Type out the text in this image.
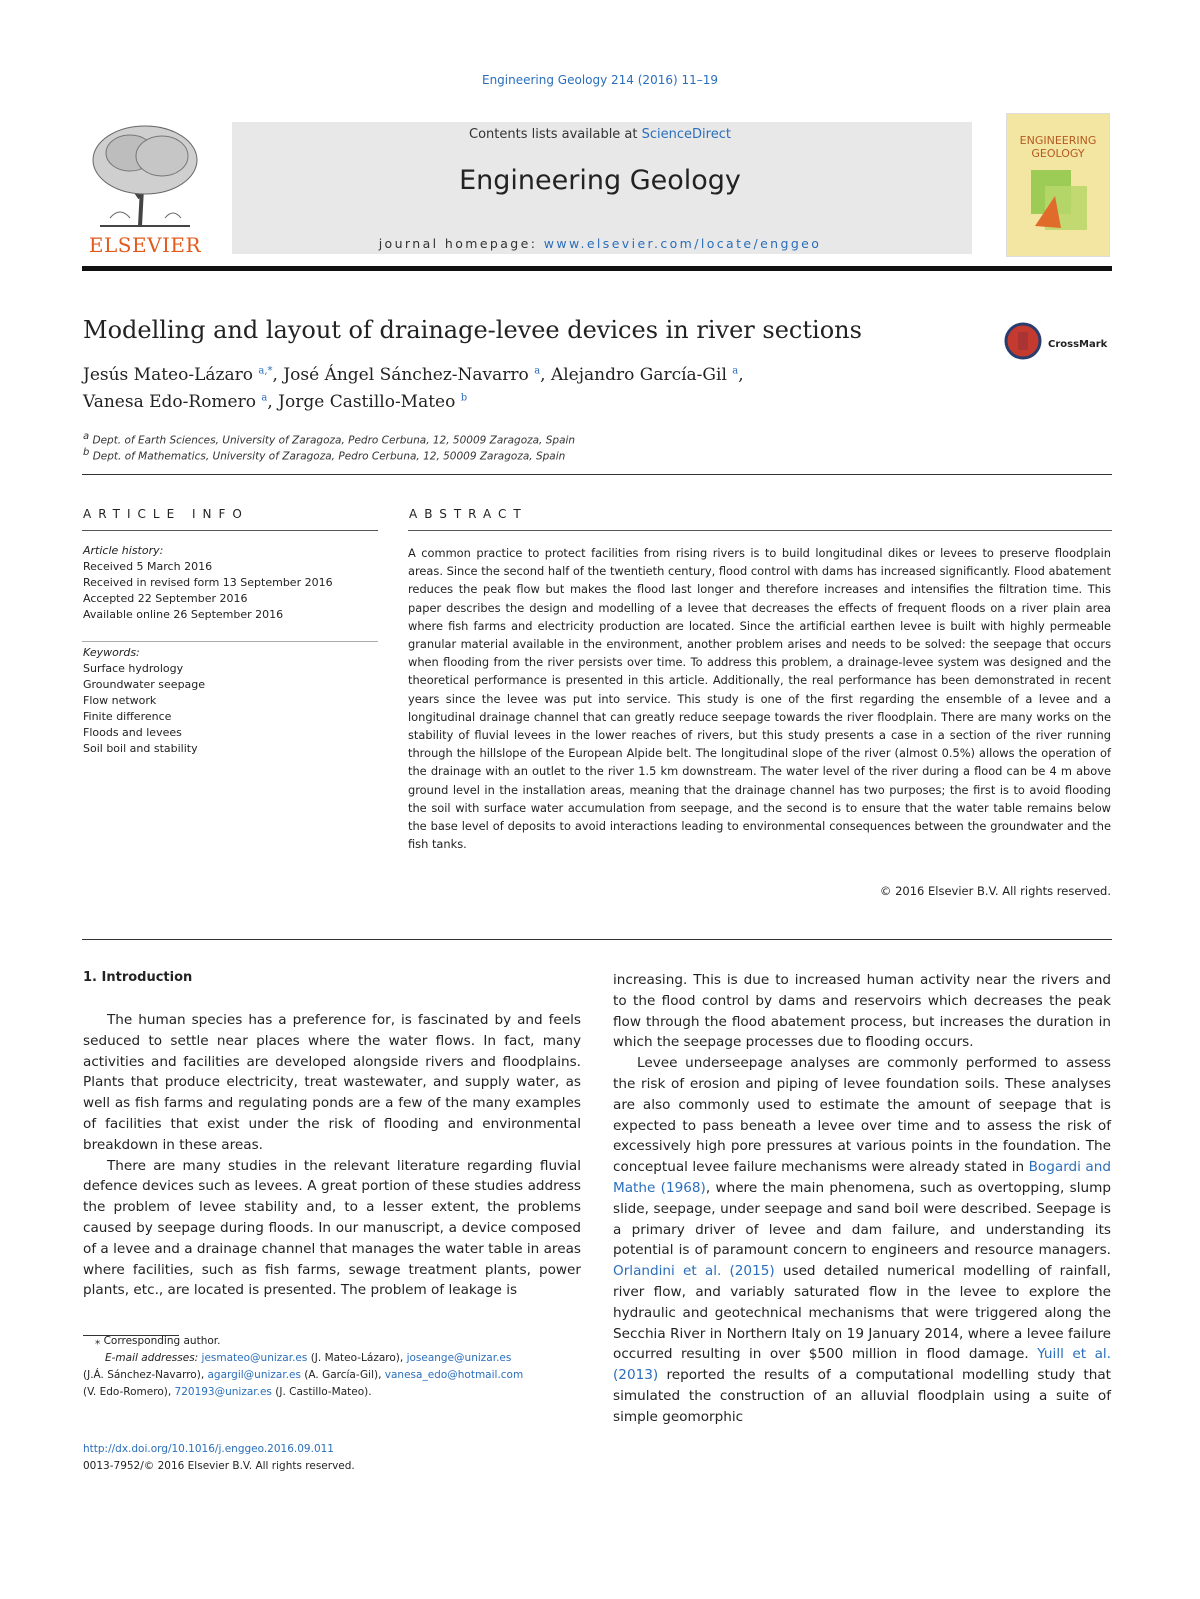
Engineering Geology 214 (2016) 11–19
ELSEVIER
Contents lists available at ScienceDirect
Engineering Geology
journal homepage: www.elsevier.com/locate/enggeo
ENGINEERING
GEOLOGY
Modelling and layout of drainage-levee devices in river sections
CrossMark
Jesús Mateo-Lázaro $^{a,*}$, José Ángel Sánchez-Navarro $^a$, Alejandro García-Gil $^a$,
Vanesa Edo-Romero $^a$, Jorge Castillo-Mateo $^b$
$^a$ Dept. of Earth Sciences, University of Zaragoza, Pedro Cerbuna, 12, 50009 Zaragoza, Spain
$^b$ Dept. of Mathematics, University of Zaragoza, Pedro Cerbuna, 12, 50009 Zaragoza, Spain
ARTICLE INFO
Article history:
Received 5 March 2016
Received in revised form 13 September 2016
Accepted 22 September 2016
Available online 26 September 2016
Keywords:
Surface hydrology
Groundwater seepage
Flow network
Finite difference
Floods and levees
Soil boil and stability
ABSTRACT
A common practice to protect facilities from rising rivers is to build longitudinal dikes or levees to preserve floodplain areas. Since the second half of the twentieth century, flood control with dams has increased significantly. Flood abatement reduces the peak flow but makes the flood last longer and therefore increases and intensifies the filtration time. This paper describes the design and modelling of a levee that decreases the effects of frequent floods on a river plain area where fish farms and electricity production are located. Since the artificial earthen levee is built with highly permeable granular material available in the environment, another problem arises and needs to be solved: the seepage that occurs when flooding from the river persists over time. To address this problem, a drainage-levee system was designed and the theoretical performance is presented in this article. Additionally, the real performance has been demonstrated in recent years since the levee was put into service. This study is one of the first regarding the ensemble of a levee and a longitudinal drainage channel that can greatly reduce seepage towards the river floodplain. There are many works on the stability of fluvial levees in the lower reaches of rivers, but this study presents a case in a section of the river running through the hillslope of the European Alpide belt. The longitudinal slope of the river (almost 0.5%) allows the operation of the drainage with an outlet to the river 1.5 km downstream. The water level of the river during a flood can be 4 m above ground level in the installation areas, meaning that the drainage channel has two purposes; the first is to avoid flooding the soil with surface water accumulation from seepage, and the second is to ensure that the water table remains below the base level of deposits to avoid interactions leading to environmental consequences between the groundwater and the fish tanks.
© 2016 Elsevier B.V. All rights reserved.
1. Introduction

The human species has a preference for, is fascinated by and feels seduced to settle near places where the water flows. In fact, many activities and facilities are developed alongside rivers and floodplains. Plants that produce electricity, treat wastewater, and supply water, as well as fish farms and regulating ponds are a few of the many examples of facilities that exist under the risk of flooding and environmental breakdown in these areas.

There are many studies in the relevant literature regarding fluvial defence devices such as levees. A great portion of these studies address the problem of levee stability and, to a lesser extent, the problems caused by seepage during floods. In our manuscript, a device composed of a levee and a drainage channel that manages the water table in areas where facilities, such as fish farms, sewage treatment plants, power plants, etc., are located is presented. The problem of leakage is

increasing. This is due to increased human activity near the rivers and to the flood control by dams and reservoirs which decreases the peak flow through the flood abatement process, but increases the duration in which the seepage processes due to flooding occurs.

Levee underseepage analyses are commonly performed to assess the risk of erosion and piping of levee foundation soils. These analyses are also commonly used to estimate the amount of seepage that is expected to pass beneath a levee over time and to assess the risk of excessively high pore pressures at various points in the foundation. The conceptual levee failure mechanisms were already stated in Bogardi and Mathe (1968), where the main phenomena, such as overtopping, slump slide, seepage, under seepage and sand boil were described. Seepage is a primary driver of levee and dam failure, and understanding its potential is of paramount concern to engineers and resource managers. Orlandini et al. (2015) used detailed numerical modelling of rainfall, river flow, and variably saturated flow in the levee to explore the hydraulic and geotechnical mechanisms that were triggered along the Secchia River in Northern Italy on 19 January 2014, where a levee failure occurred resulting in over $500 million in flood damage. Yuill et al. (2013) reported the results of a computational modelling study that simulated the construction of an alluvial floodplain using a suite of simple geomorphic

⁎ Corresponding author.
E-mail addresses: jesmateo@unizar.es (J. Mateo-Lázaro), joseange@unizar.es
(J.Á. Sánchez-Navarro), agargil@unizar.es (A. García-Gil), vanesa_edo@hotmail.com
(V. Edo-Romero), 720193@unizar.es (J. Castillo-Mateo).
http://dx.doi.org/10.1016/j.enggeo.2016.09.011
0013-7952/© 2016 Elsevier B.V. All rights reserved.
